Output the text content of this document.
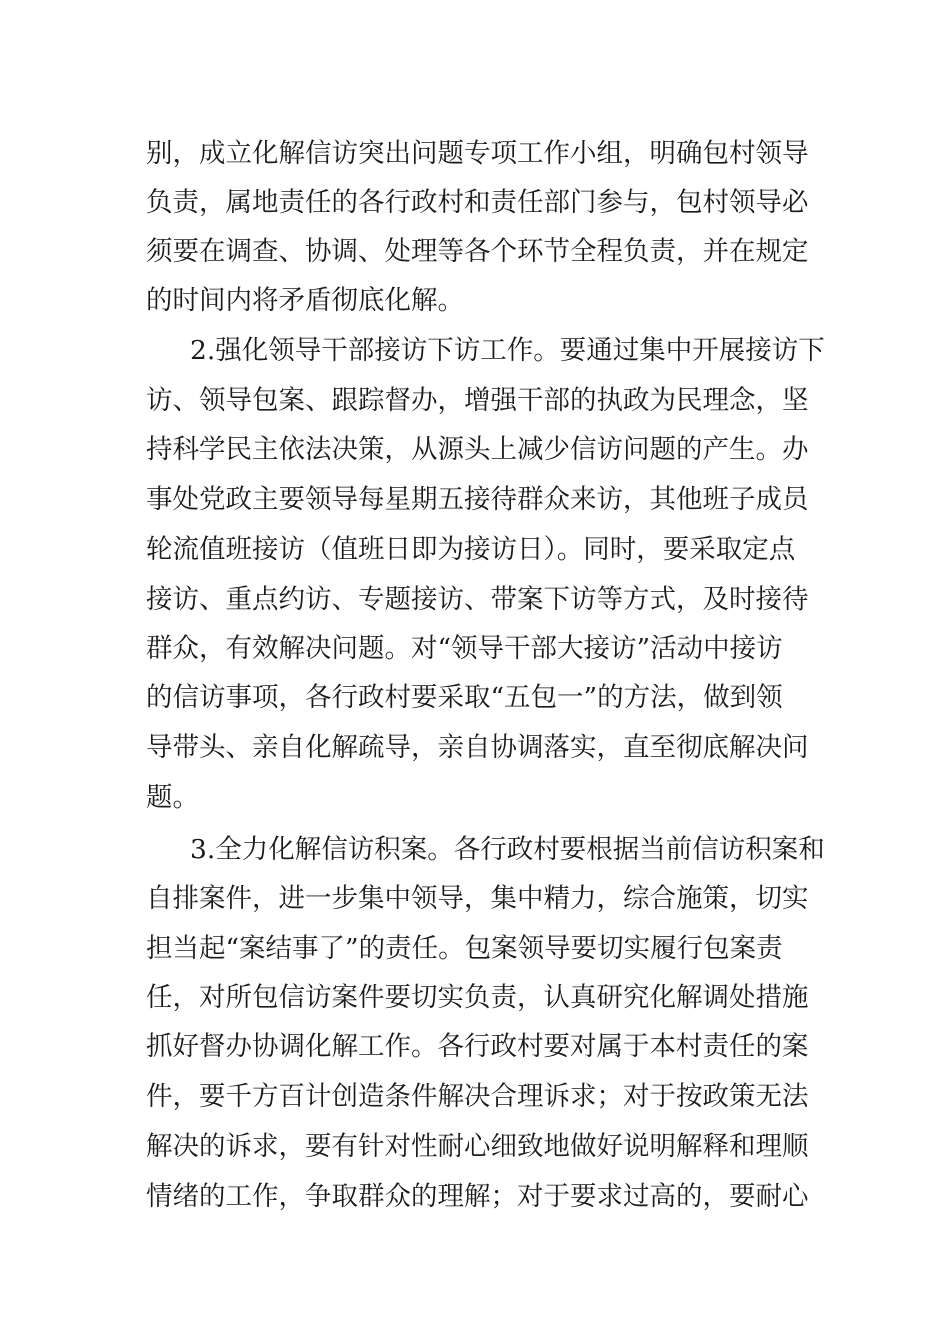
别，成立化解信访突出问题专项工作小组，明确包村领导
负责，属地责任的各行政村和责任部门参与，包村领导必
须要在调查、协调、处理等各个环节全程负责，并在规定
的时间内将矛盾彻底化解。
2.强化领导干部接访下访工作。要通过集中开展接访下
访、领导包案、跟踪督办，增强干部的执政为民理念，坚
持科学民主依法决策，从源头上减少信访问题的产生。办
事处党政主要领导每星期五接待群众来访，其他班子成员
轮流值班接访（值班日即为接访日）。同时，要采取定点
接访、重点约访、专题接访、带案下访等方式，及时接待
群众，有效解决问题。对“领导干部大接访”活动中接访
的信访事项，各行政村要采取“五包一”的方法，做到领
导带头、亲自化解疏导，亲自协调落实，直至彻底解决问
题。
3.全力化解信访积案。各行政村要根据当前信访积案和
自排案件，进一步集中领导，集中精力，综合施策，切实
担当起“案结事了”的责任。包案领导要切实履行包案责
任，对所包信访案件要切实负责，认真研究化解调处措施
抓好督办协调化解工作。各行政村要对属于本村责任的案
件，要千方百计创造条件解决合理诉求；对于按政策无法
解决的诉求，要有针对性耐心细致地做好说明解释和理顺
情绪的工作，争取群众的理解；对于要求过高的，要耐心
